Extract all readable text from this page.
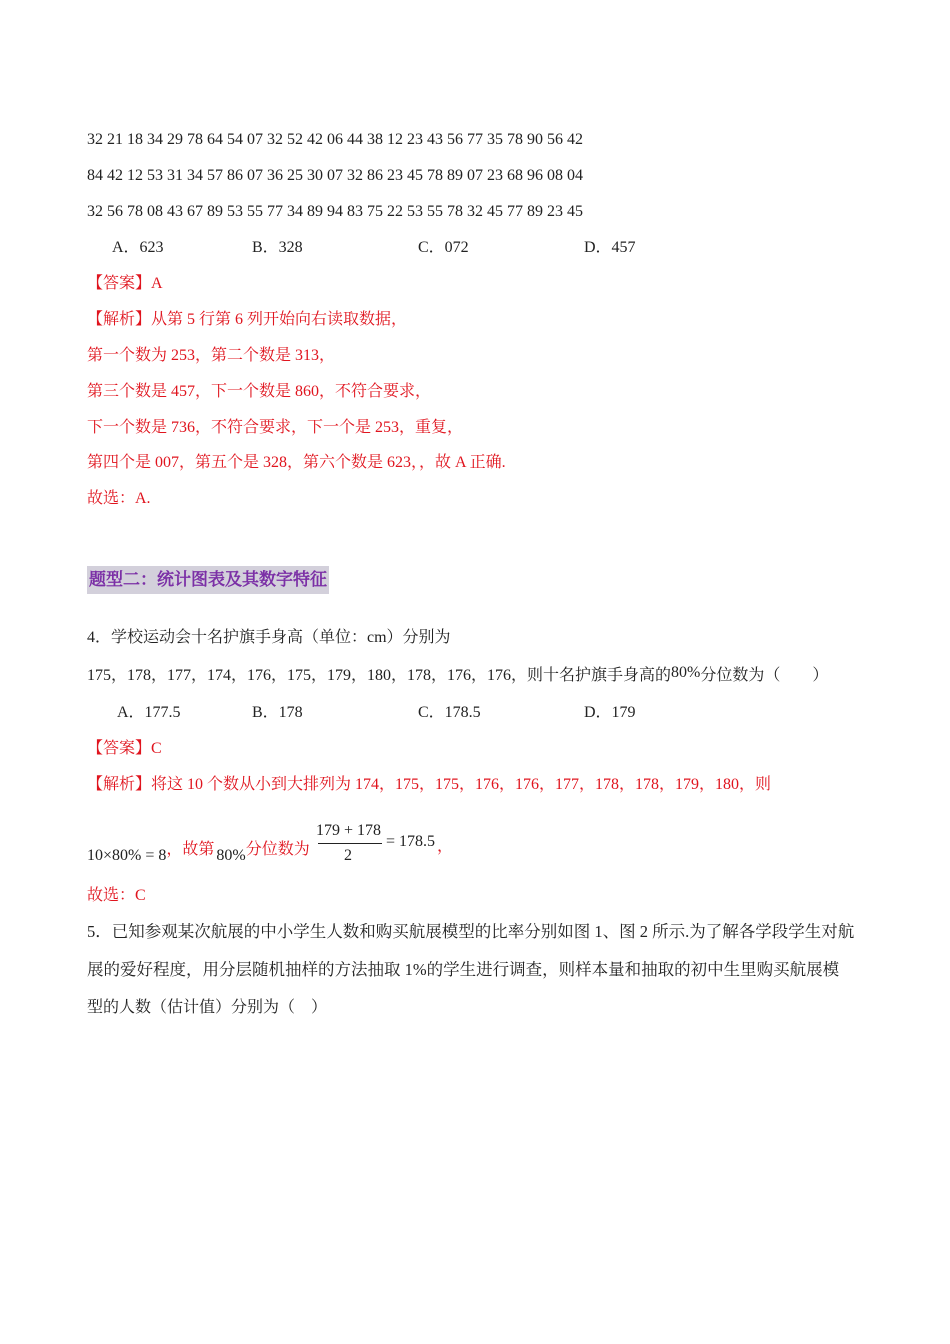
32 21 18 34 29 78 64 54 07 32 52 42 06 44 38 12 23 43 56 77 35 78 90 56 42
84 42 12 53 31 34 57 86 07 36 25 30 07 32 86 23 45 78 89 07 23 68 96 08 04
32 56 78 08 43 67 89 53 55 77 34 89 94 83 75 22 53 55 78 32 45 77 89 23 45
A．623	B．328	C．072	D．457
【答案】A
【解析】从第 5 行第 6 列开始向右读取数据，
第一个数为 253，第二个数是 313，
第三个数是 457，下一个数是 860，不符合要求，
下一个数是 736，不符合要求，下一个是 253，重复，
第四个是 007，第五个是 328，第六个数是 623，，故 A 正确.
故选：A.
题型二：统计图表及其数字特征
4．学校运动会十名护旗手身高（单位：cm）分别为
175，178，177，174，176，175，179，180，178，176，176，则十名护旗手身高的80%分位数为（　　）
A．177.5	B．178	C．178.5	D．179
【答案】C
【解析】将这 10 个数从小到大排列为 174，175，175，176，176，177，178，178，179，180，则
10×80% = 8，故第 80%分位数为
179 + 178
2
= 178.5 ，
故选：C
5．已知参观某次航展的中小学生人数和购买航展模型的比率分别如图 1、图 2 所示.为了解各学段学生对航
展的爱好程度，用分层随机抽样的方法抽取 1%的学生进行调查，则样本量和抽取的初中生里购买航展模
型的人数（估计值）分别为（　）
